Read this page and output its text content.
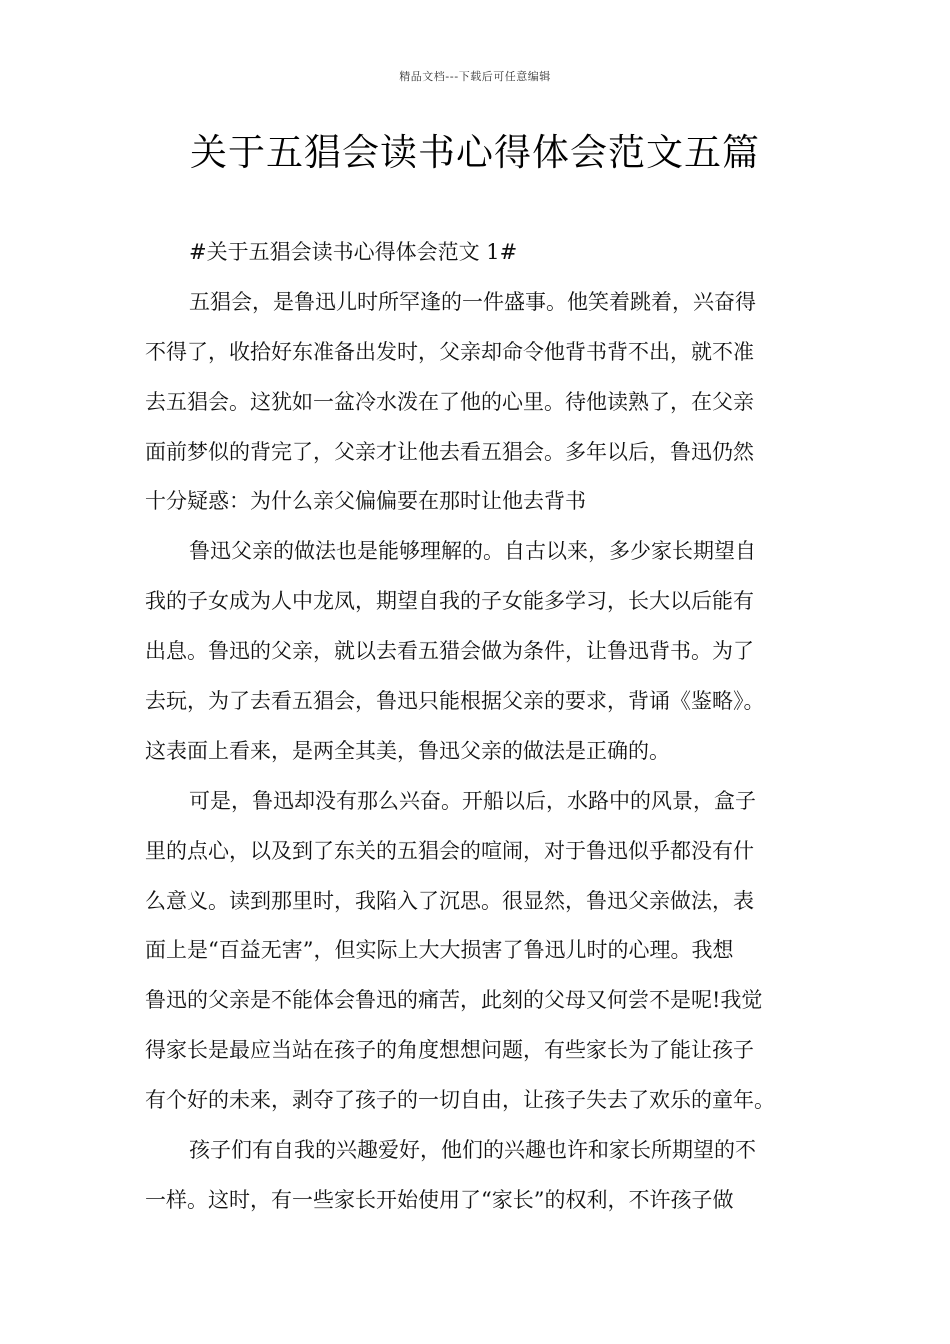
精品文档---下载后可任意编辑
关于五猖会读书心得体会范文五篇
#关于五猖会读书心得体会范文 1#
五猖会，是鲁迅儿时所罕逢的一件盛事。他笑着跳着，兴奋得
不得了，收拾好东准备出发时，父亲却命令他背书背不出，就不准
去五猖会。这犹如一盆冷水泼在了他的心里。待他读熟了，在父亲
面前梦似的背完了，父亲才让他去看五猖会。多年以后，鲁迅仍然
十分疑惑：为什么亲父偏偏要在那时让他去背书
鲁迅父亲的做法也是能够理解的。自古以来，多少家长期望自
我的子女成为人中龙凤，期望自我的子女能多学习，长大以后能有
出息。鲁迅的父亲，就以去看五猎会做为条件，让鲁迅背书。为了
去玩，为了去看五猖会，鲁迅只能根据父亲的要求，背诵《鉴略》。
这表面上看来，是两全其美，鲁迅父亲的做法是正确的。
可是，鲁迅却没有那么兴奋。开船以后，水路中的风景，盒子
里的点心，以及到了东关的五猖会的喧闹，对于鲁迅似乎都没有什
么意义。读到那里时，我陷入了沉思。很显然，鲁迅父亲做法，表
面上是“百益无害”，但实际上大大损害了鲁迅儿时的心理。我想
鲁迅的父亲是不能体会鲁迅的痛苦，此刻的父母又何尝不是呢!我觉
得家长是最应当站在孩子的角度想想问题，有些家长为了能让孩子
有个好的未来，剥夺了孩子的一切自由，让孩子失去了欢乐的童年。
孩子们有自我的兴趣爱好，他们的兴趣也许和家长所期望的不
一样。这时，有一些家长开始使用了“家长”的权利，不许孩子做
